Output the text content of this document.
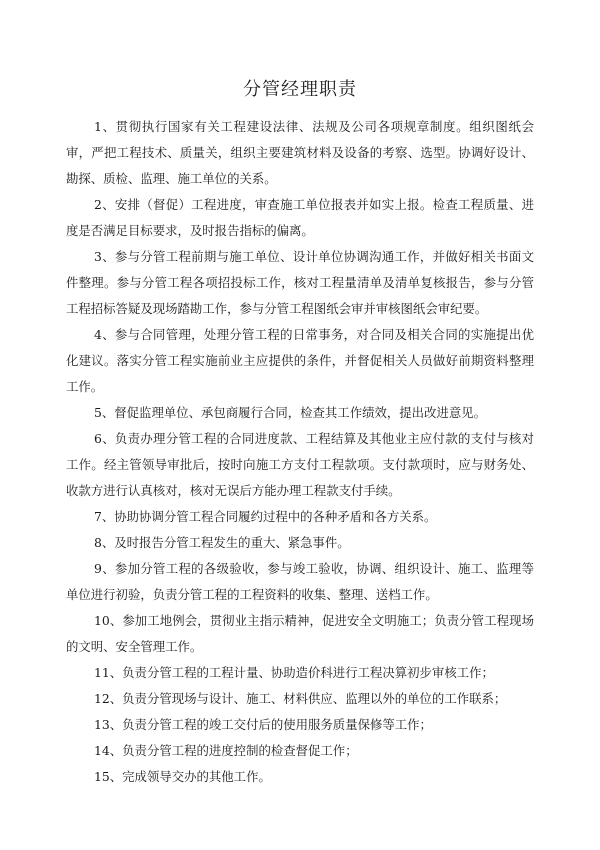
分管经理职责

1、贯彻执行国家有关工程建设法律、法规及公司各项规章制度。组织图纸会审，严把工程技术、质量关，组织主要建筑材料及设备的考察、选型。协调好设计、勘探、质检、监理、施工单位的关系。

2、安排（督促）工程进度，审查施工单位报表并如实上报。检查工程质量、进度是否满足目标要求，及时报告指标的偏离。

3、参与分管工程前期与施工单位、设计单位协调沟通工作，并做好相关书面文件整理。参与分管工程各项招投标工作，核对工程量清单及清单复核报告，参与分管工程招标答疑及现场踏勘工作，参与分管工程图纸会审并审核图纸会审纪要。

4、参与合同管理，处理分管工程的日常事务，对合同及相关合同的实施提出优化建议。落实分管工程实施前业主应提供的条件，并督促相关人员做好前期资料整理工作。

5、督促监理单位、承包商履行合同，检查其工作绩效，提出改进意见。

6、负责办理分管工程的合同进度款、工程结算及其他业主应付款的支付与核对工作。经主管领导审批后，按时向施工方支付工程款项。支付款项时，应与财务处、收款方进行认真核对，核对无误后方能办理工程款支付手续。

7、协助协调分管工程合同履约过程中的各种矛盾和各方关系。

8、及时报告分管工程发生的重大、紧急事件。

9、参加分管工程的各级验收，参与竣工验收，协调、组织设计、施工、监理等单位进行初验，负责分管工程的工程资料的收集、整理、送档工作。

10、参加工地例会，贯彻业主指示精神，促进安全文明施工；负责分管工程现场的文明、安全管理工作。

11、负责分管工程的工程计量、协助造价科进行工程决算初步审核工作；

12、负责分管现场与设计、施工、材料供应、监理以外的单位的工作联系；

13、负责分管工程的竣工交付后的使用服务质量保修等工作；

14、负责分管工程的进度控制的检查督促工作；

15、完成领导交办的其他工作。
